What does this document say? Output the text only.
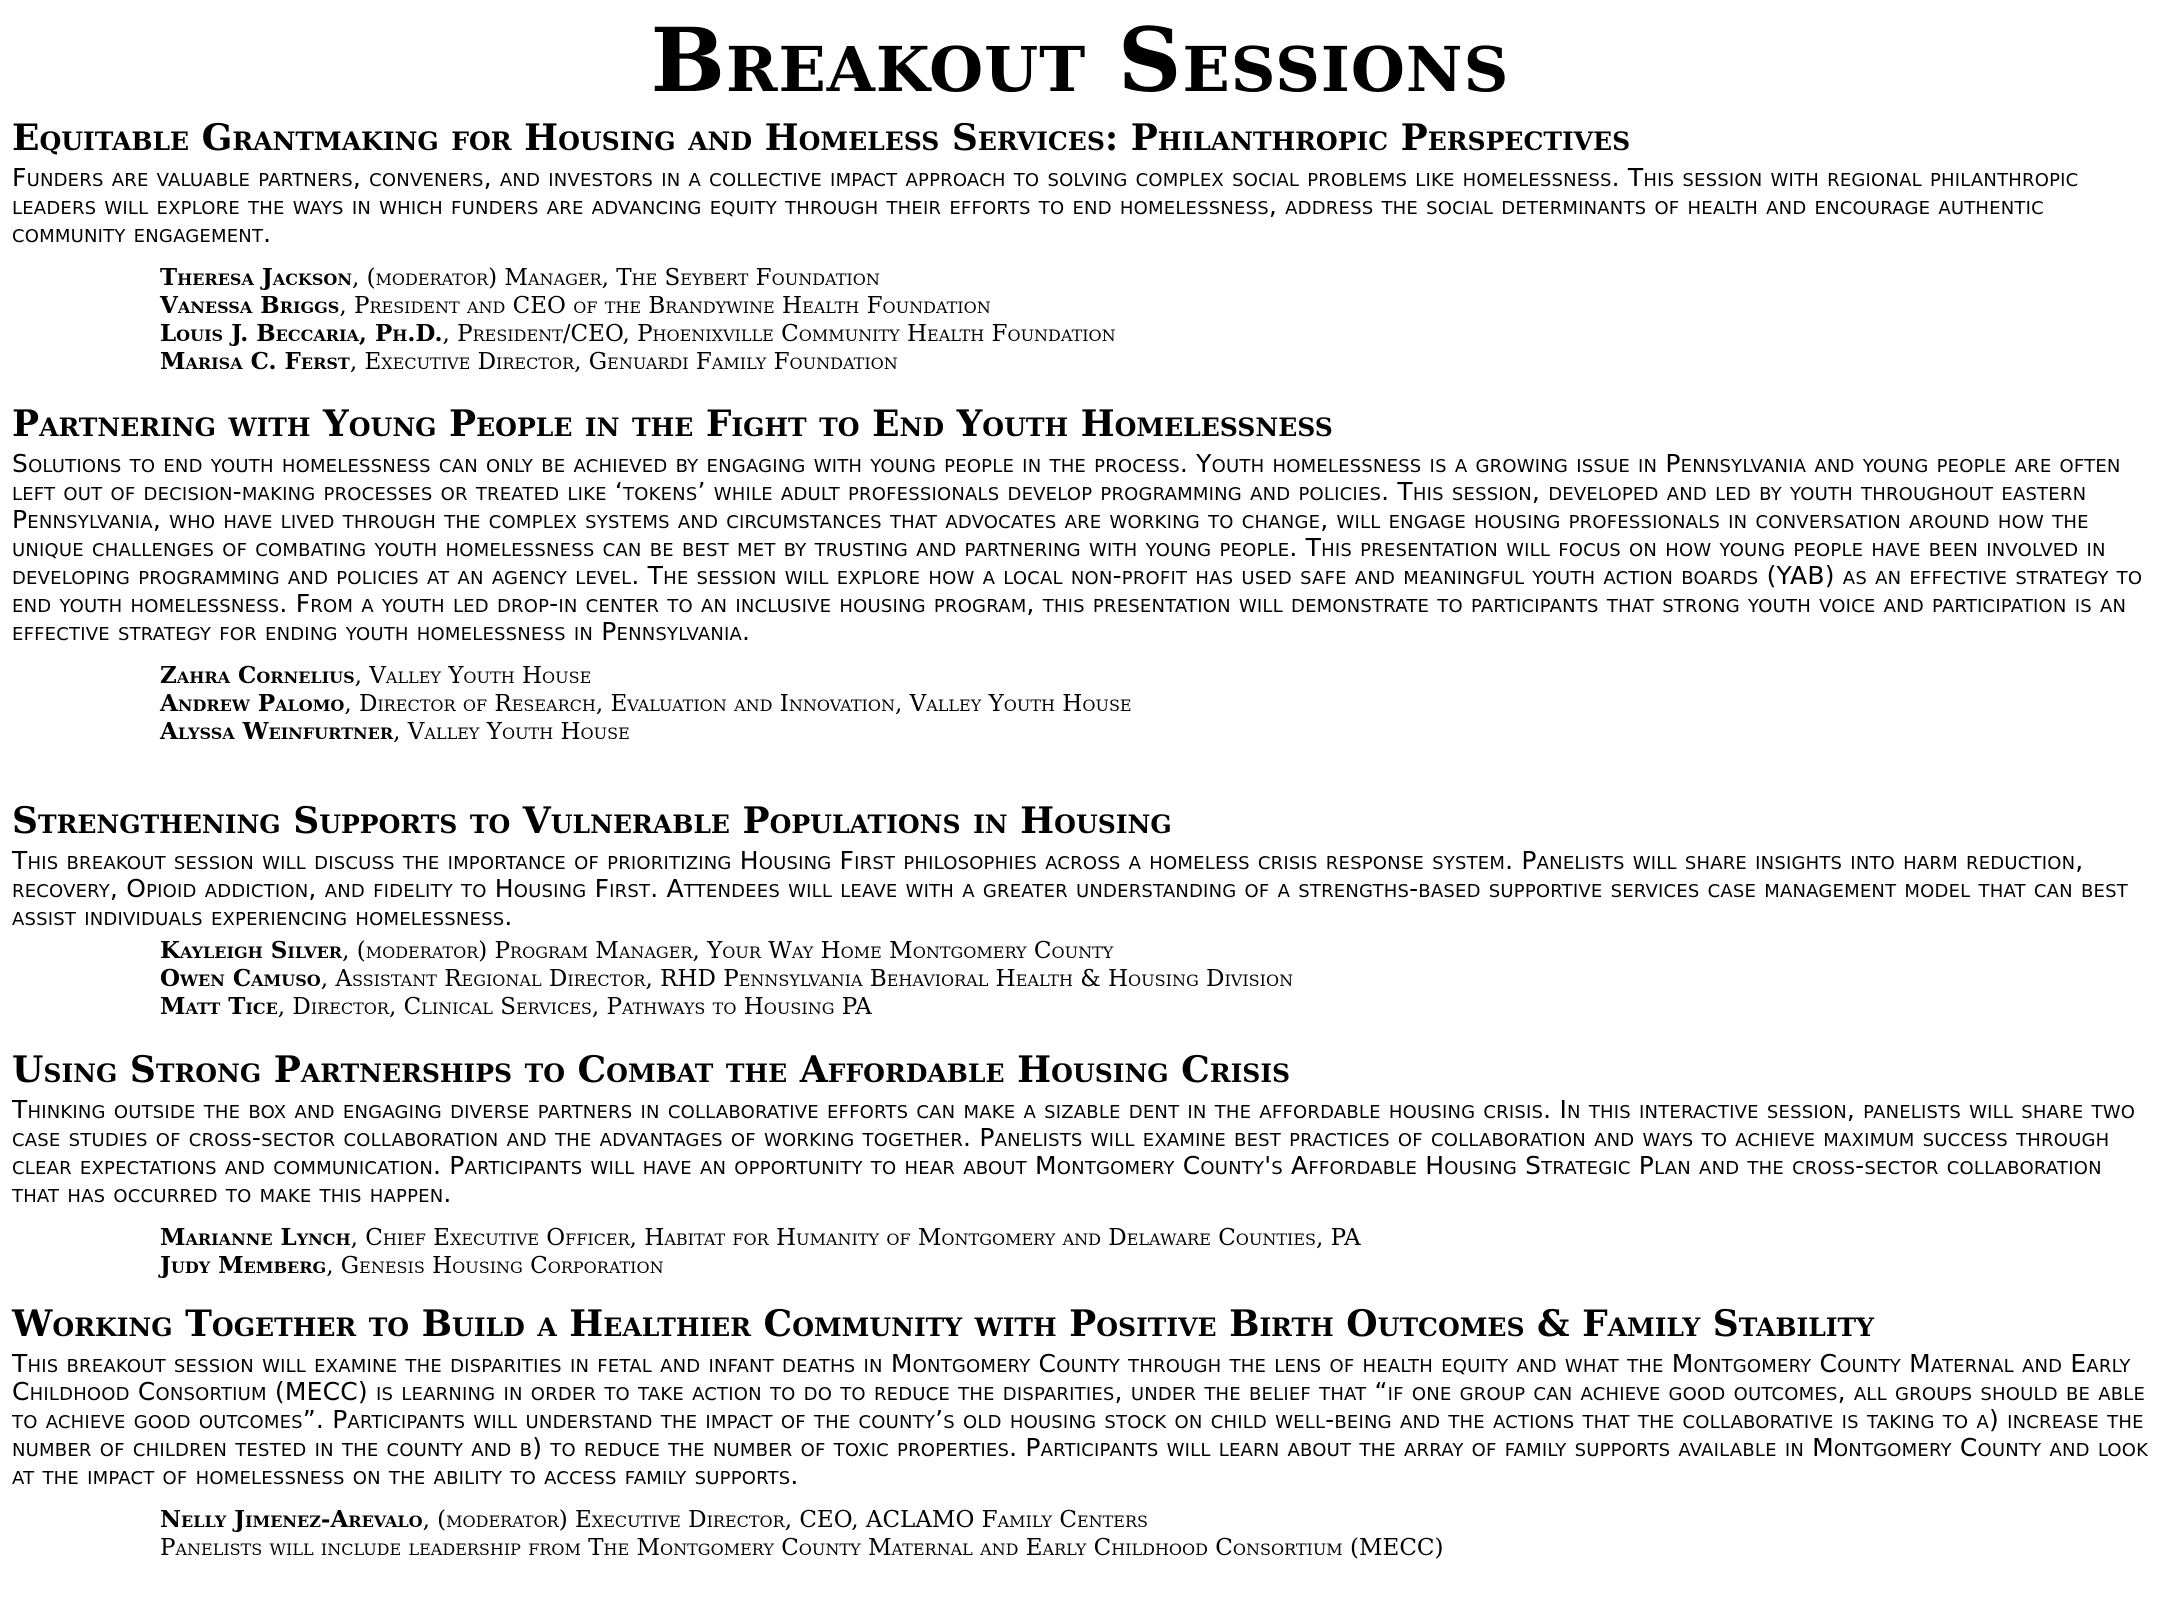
Breakout Sessions
Equitable Grantmaking for Housing and Homeless Services: Philanthropic Perspectives

Funders are valuable partners, conveners, and investors in a collective impact approach to solving complex social problems like homelessness. This session with regional philanthropic leaders will explore the ways in which funders are advancing equity through their efforts to end homelessness, address the social determinants of health and encourage authentic community engagement.

Theresa Jackson, (moderator) Manager, The Seybert Foundation
Vanessa Briggs, President and CEO of the Brandywine Health Foundation
Louis J. Beccaria, Ph.D., President/CEO, Phoenixville Community Health Foundation
Marisa C. Ferst, Executive Director, Genuardi Family Foundation
Partnering with Young People in the Fight to End Youth Homelessness

Solutions to end youth homelessness can only be achieved by engaging with young people in the process. Youth homelessness is a growing issue in Pennsylvania and young people are often left out of decision-making processes or treated like ‘tokens’ while adult professionals develop programming and policies. This session, developed and led by youth throughout eastern Pennsylvania, who have lived through the complex systems and circumstances that advocates are working to change, will engage housing professionals in conversation around how the unique challenges of combating youth homelessness can be best met by trusting and partnering with young people. This presentation will focus on how young people have been involved in developing programming and policies at an agency level. The session will explore how a local non-profit has used safe and meaningful youth action boards (YAB) as an effective strategy to end youth homelessness. From a youth led drop-in center to an inclusive housing program, this presentation will demonstrate to participants that strong youth voice and participation is an effective strategy for ending youth homelessness in Pennsylvania.

Zahra Cornelius, Valley Youth House
Andrew Palomo, Director of Research, Evaluation and Innovation, Valley Youth House
Alyssa Weinfurtner, Valley Youth House
Strengthening Supports to Vulnerable Populations in Housing

This breakout session will discuss the importance of prioritizing Housing First philosophies across a homeless crisis response system. Panelists will share insights into harm reduction, recovery, Opioid addiction, and fidelity to Housing First. Attendees will leave with a greater understanding of a strengths-based supportive services case management model that can best assist individuals experiencing homelessness.

Kayleigh Silver, (moderator) Program Manager, Your Way Home Montgomery County
Owen Camuso, Assistant Regional Director, RHD Pennsylvania Behavioral Health & Housing Division
Matt Tice, Director, Clinical Services, Pathways to Housing PA
Using Strong Partnerships to Combat the Affordable Housing Crisis

Thinking outside the box and engaging diverse partners in collaborative efforts can make a sizable dent in the affordable housing crisis. In this interactive session, panelists will share two case studies of cross-sector collaboration and the advantages of working together. Panelists will examine best practices of collaboration and ways to achieve maximum success through clear expectations and communication. Participants will have an opportunity to hear about Montgomery County's Affordable Housing Strategic Plan and the cross-sector collaboration that has occurred to make this happen.

Marianne Lynch, Chief Executive Officer, Habitat for Humanity of Montgomery and Delaware Counties, PA
Judy Memberg, Genesis Housing Corporation
Working Together to Build a Healthier Community with Positive Birth Outcomes & Family Stability

This breakout session will examine the disparities in fetal and infant deaths in Montgomery County through the lens of health equity and what the Montgomery County Maternal and Early Childhood Consortium (MECC) is learning in order to take action to do to reduce the disparities, under the belief that “if one group can achieve good outcomes, all groups should be able to achieve good outcomes”. Participants will understand the impact of the county’s old housing stock on child well-being and the actions that the collaborative is taking to a) increase the number of children tested in the county and b) to reduce the number of toxic properties. Participants will learn about the array of family supports available in Montgomery County and look at the impact of homelessness on the ability to access family supports.

Nelly Jimenez-Arevalo, (moderator) Executive Director, CEO, ACLAMO Family Centers
Panelists will include leadership from The Montgomery County Maternal and Early Childhood Consortium (MECC)
